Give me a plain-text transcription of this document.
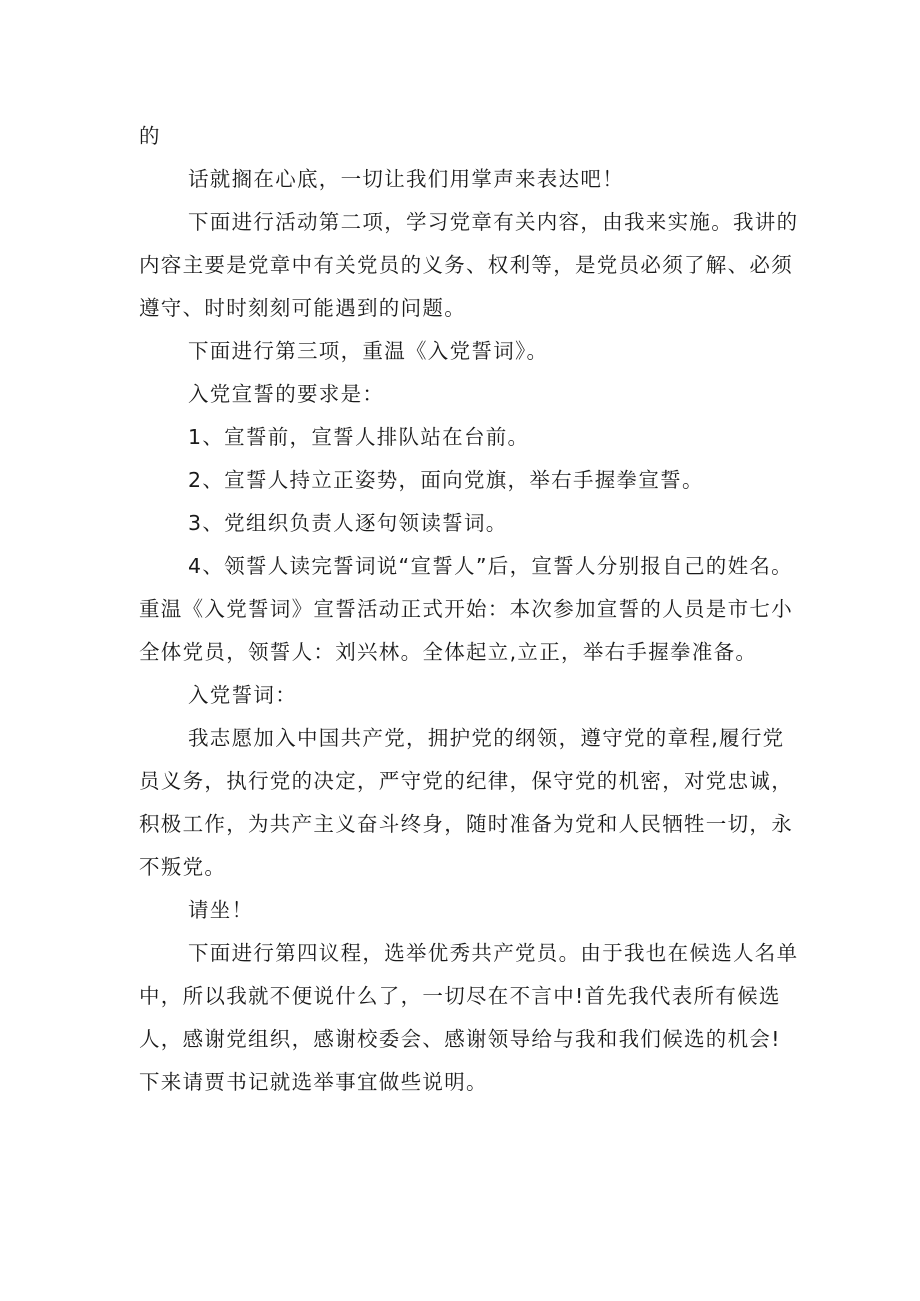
的

话就搁在心底，一切让我们用掌声来表达吧！

下面进行活动第二项，学习党章有关内容，由我来实施。我讲的

内容主要是党章中有关党员的义务、权利等，是党员必须了解、必须

遵守、时时刻刻可能遇到的问题。

下面进行第三项，重温《入党誓词》。

入党宣誓的要求是：

1、宣誓前，宣誓人排队站在台前。

2、宣誓人持立正姿势，面向党旗，举右手握拳宣誓。

3、党组织负责人逐句领读誓词。

4、领誓人读完誓词说“宣誓人”后，宣誓人分别报自己的姓名。

重温《入党誓词》宣誓活动正式开始：本次参加宣誓的人员是市七小

全体党员，领誓人：刘兴林。全体起立,立正，举右手握拳准备。

入党誓词：

我志愿加入中国共产党，拥护党的纲领，遵守党的章程,履行党

员义务，执行党的决定，严守党的纪律，保守党的机密，对党忠诚，

积极工作，为共产主义奋斗终身，随时准备为党和人民牺牲一切，永

不叛党。

请坐！

下面进行第四议程，选举优秀共产党员。由于我也在候选人名单

中，所以我就不便说什么了，一切尽在不言中!首先我代表所有候选

人，感谢党组织，感谢校委会、感谢领导给与我和我们候选的机会!

下来请贾书记就选举事宜做些说明。
